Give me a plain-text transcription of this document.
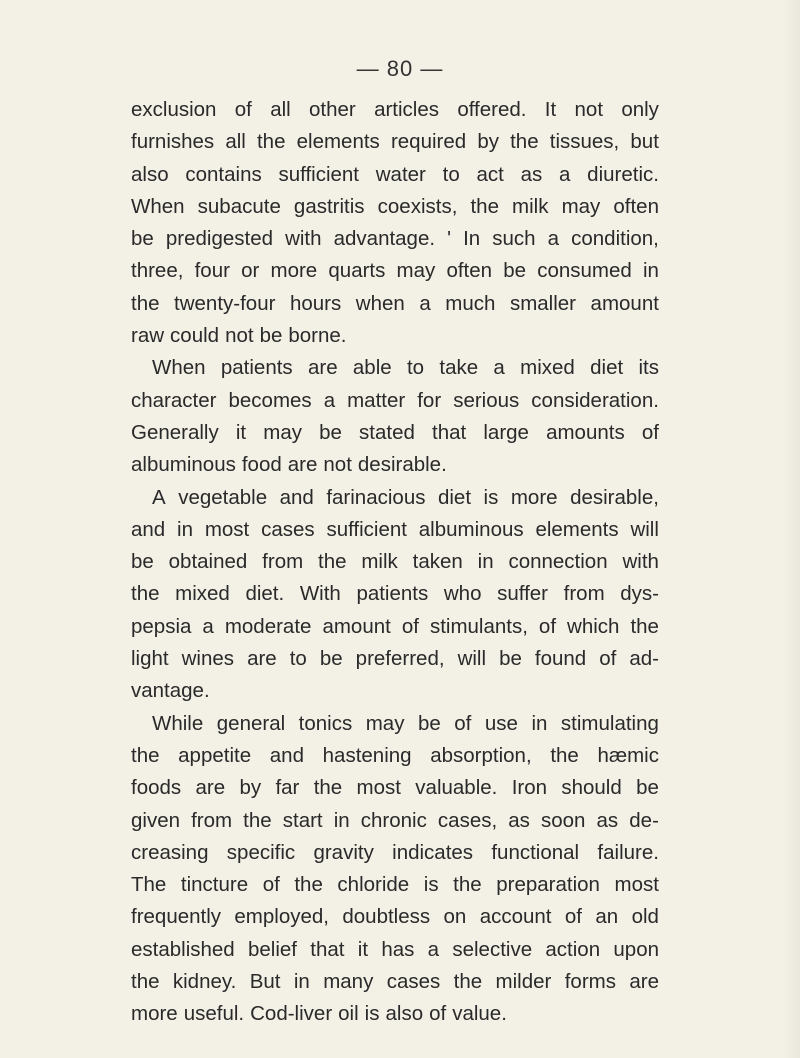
— 80 —
exclusion of all other articles offered. It not only
furnishes all the elements required by the tissues, but
also contains sufficient water to act as a diuretic.
When subacute gastritis coexists, the milk may often
be predigested with advantage. ' In such a condition,
three, four or more quarts may often be consumed in
the twenty-four hours when a much smaller amount
raw could not be borne.
When patients are able to take a mixed diet its
character becomes a matter for serious consideration.
Generally it may be stated that large amounts of
albuminous food are not desirable.
A vegetable and farinacious diet is more desirable,
and in most cases sufficient albuminous elements will
be obtained from the milk taken in connection with
the mixed diet. With patients who suffer from dys-
pepsia a moderate amount of stimulants, of which the
light wines are to be preferred, will be found of ad-
vantage.
While general tonics may be of use in stimulating
the appetite and hastening absorption, the hæmic
foods are by far the most valuable. Iron should be
given from the start in chronic cases, as soon as de-
creasing specific gravity indicates functional failure.
The tincture of the chloride is the preparation most
frequently employed, doubtless on account of an old
established belief that it has a selective action upon
the kidney. But in many cases the milder forms are
more useful. Cod-liver oil is also of value.
